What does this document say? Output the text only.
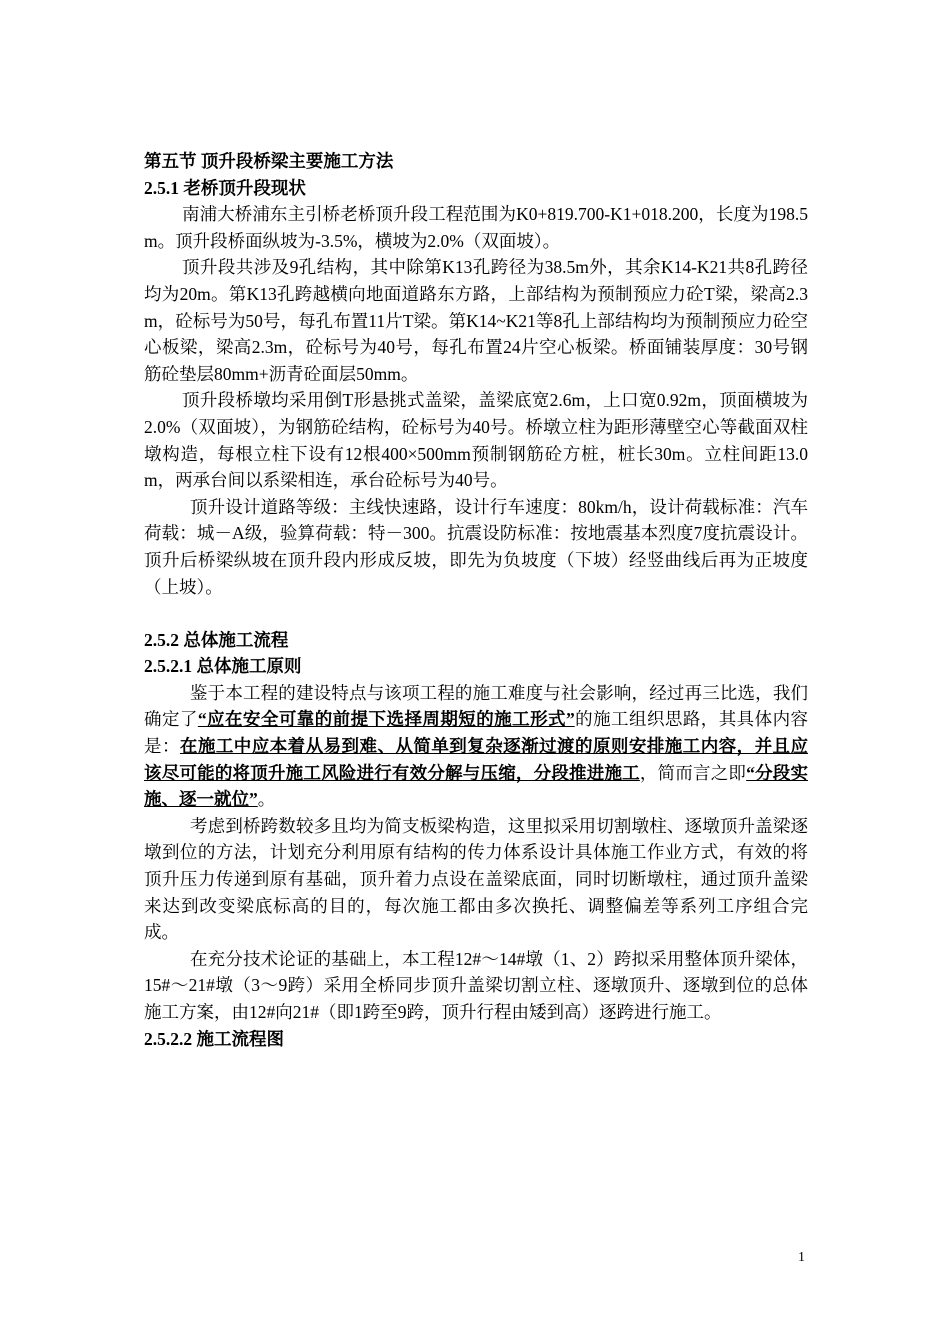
第五节 顶升段桥梁主要施工方法

2.5.1 老桥顶升段现状

南浦大桥浦东主引桥老桥顶升段工程范围为K0+819.700-K1+018.200，长度为198.5m。顶升段桥面纵坡为-3.5%，横坡为2.0%（双面坡）。

顶升段共涉及9孔结构，其中除第K13孔跨径为38.5m外，其余K14-K21共8孔跨径均为20m。第K13孔跨越横向地面道路东方路，上部结构为预制预应力砼T梁，梁高2.3m，砼标号为50号，每孔布置11片T梁。第K14~K21等8孔上部结构均为预制预应力砼空心板梁，梁高2.3m，砼标号为40号，每孔布置24片空心板梁。桥面铺装厚度：30号钢筋砼垫层80mm+沥青砼面层50mm。

顶升段桥墩均采用倒T形悬挑式盖梁，盖梁底宽2.6m，上口宽0.92m，顶面横坡为2.0%（双面坡），为钢筋砼结构，砼标号为40号。桥墩立柱为距形薄壁空心等截面双柱墩构造，每根立柱下设有12根400×500mm预制钢筋砼方桩，桩长30m。立柱间距13.0m，两承台间以系梁相连，承台砼标号为40号。

顶升设计道路等级：主线快速路，设计行车速度：80km/h，设计荷载标准：汽车荷载：城－A级，验算荷载：特－300。抗震设防标准：按地震基本烈度7度抗震设计。顶升后桥梁纵坡在顶升段内形成反坡，即先为负坡度（下坡）经竖曲线后再为正坡度（上坡）。

2.5.2 总体施工流程

2.5.2.1 总体施工原则

鉴于本工程的建设特点与该项工程的施工难度与社会影响，经过再三比选，我们确定了“应在安全可靠的前提下选择周期短的施工形式”的施工组织思路，其具体内容是：在施工中应本着从易到难、从简单到复杂逐渐过渡的原则安排施工内容，并且应该尽可能的将顶升施工风险进行有效分解与压缩，分段推进施工，简而言之即“分段实施、逐一就位”。

考虑到桥跨数较多且均为简支板梁构造，这里拟采用切割墩柱、逐墩顶升盖梁逐墩到位的方法，计划充分利用原有结构的传力体系设计具体施工作业方式，有效的将顶升压力传递到原有基础，顶升着力点设在盖梁底面，同时切断墩柱，通过顶升盖梁来达到改变梁底标高的目的，每次施工都由多次换托、调整偏差等系列工序组合完成。

在充分技术论证的基础上，本工程12#～14#墩（1、2）跨拟采用整体顶升梁体，15#～21#墩（3～9跨）采用全桥同步顶升盖梁切割立柱、逐墩顶升、逐墩到位的总体施工方案，由12#向21#（即1跨至9跨，顶升行程由矮到高）逐跨进行施工。

2.5.2.2 施工流程图

1
